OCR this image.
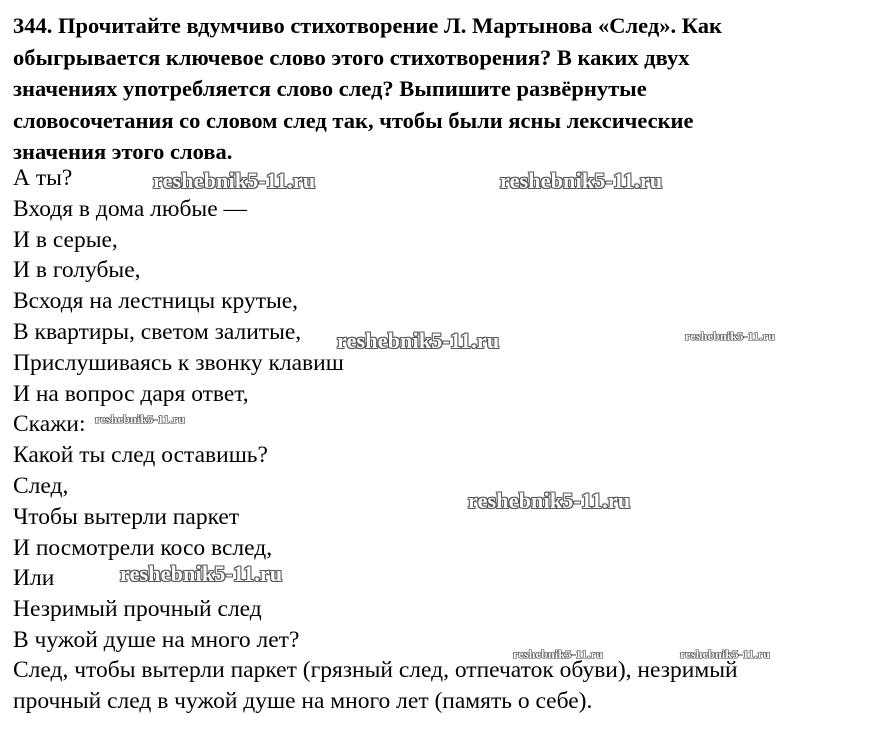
344. Прочитайте вдумчиво стихотворение Л. Мартынова «След». Как
обыгрывается ключевое слово этого стихотворения? В каких двух
значениях употребляется слово след? Выпишите развёрнутые
словосочетания со словом след так, чтобы были ясны лексические
значения этого слова.
А ты?
Входя в дома любые —
И в серые,
И в голубые,
Всходя на лестницы крутые,
В квартиры, светом залитые,
Прислушиваясь к звонку клавиш
И на вопрос даря ответ,
Скажи:
Какой ты след оставишь?
След,
Чтобы вытерли паркет
И посмотрели косо вслед,
Или
Незримый прочный след
В чужой душе на много лет?
След, чтобы вытерли паркет (грязный след, отпечаток обуви), незримый
прочный след в чужой душе на много лет (память о себе).
reshebnik5-11.ru	reshebnik5-11.ru
reshebnik5-11.ru	reshebnik5-11.ru
reshebnik5-11.ru
reshebnik5-11.ru
reshebnik5-11.ru
reshebnik5-11.ru	reshebnik5-11.ru
